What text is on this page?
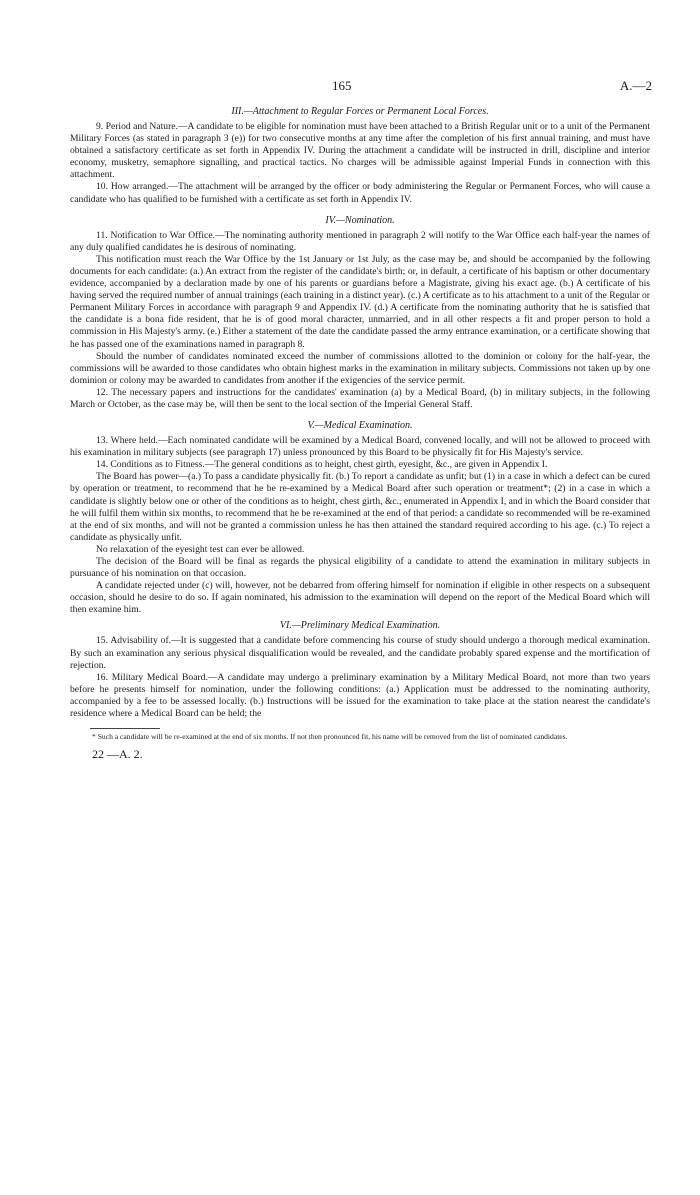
165	A.—2
III.—Attachment to Regular Forces or Permanent Local Forces.

9. Period and Nature.—A candidate to be eligible for nomination must have been attached to a British Regular unit or to a unit of the Permanent Military Forces (as stated in paragraph 3 (e)) for two consecutive months at any time after the completion of his first annual training, and must have obtained a satisfactory certificate as set forth in Appendix IV. During the attachment a candidate will be instructed in drill, discipline and interior economy, musketry, semaphore signalling, and practical tactics. No charges will be admissible against Imperial Funds in connection with this attachment.

10. How arranged.—The attachment will be arranged by the officer or body administering the Regular or Permanent Forces, who will cause a candidate who has qualified to be furnished with a certificate as set forth in Appendix IV.

IV.—Nomination.

11. Notification to War Office.—The nominating authority mentioned in paragraph 2 will notify to the War Office each half-year the names of any duly qualified candidates he is desirous of nominating.

This notification must reach the War Office by the 1st January or 1st July, as the case may be, and should be accompanied by the following documents for each candidate: (a.) An extract from the register of the candidate's birth; or, in default, a certificate of his baptism or other documentary evidence, accompanied by a declaration made by one of his parents or guardians before a Magistrate, giving his exact age. (b.) A certificate of his having served the required number of annual trainings (each training in a distinct year). (c.) A certificate as to his attachment to a unit of the Regular or Permanent Military Forces in accordance with paragraph 9 and Appendix IV. (d.) A certificate from the nominating authority that he is satisfied that the candidate is a bona fide resident, that he is of good moral character, unmarried, and in all other respects a fit and proper person to hold a commission in His Majesty's army. (e.) Either a statement of the date the candidate passed the army entrance examination, or a certificate showing that he has passed one of the examinations named in paragraph 8.

Should the number of candidates nominated exceed the number of commissions allotted to the dominion or colony for the half-year, the commissions will be awarded to those candidates who obtain highest marks in the examination in military subjects. Commissions not taken up by one dominion or colony may be awarded to candidates from another if the exigencies of the service permit.

12. The necessary papers and instructions for the candidates' examination (a) by a Medical Board, (b) in military subjects, in the following March or October, as the case may be, will then be sent to the local section of the Imperial General Staff.

V.—Medical Examination.

13. Where held.—Each nominated candidate will be examined by a Medical Board, convened locally, and will not be allowed to proceed with his examination in military subjects (see paragraph 17) unless pronounced by this Board to be physically fit for His Majesty's service.

14. Conditions as to Fitness.—The general conditions as to height, chest girth, eyesight, &c., are given in Appendix I.

The Board has power—(a.) To pass a candidate physically fit. (b.) To report a candidate as unfit; but (1) in a case in which a defect can be cured by operation or treatment, to recommend that he be re-examined by a Medical Board after such operation or treatment*; (2) in a case in which a candidate is slightly below one or other of the conditions as to height, chest girth, &c., enumerated in Appendix I, and in which the Board consider that he will fulfil them within six months, to recommend that he be re-examined at the end of that period: a candidate so recommended will be re-examined at the end of six months, and will not be granted a commission unless he has then attained the standard required according to his age. (c.) To reject a candidate as physically unfit.

No relaxation of the eyesight test can ever be allowed.

The decision of the Board will be final as regards the physical eligibility of a candidate to attend the examination in military subjects in pursuance of his nomination on that occasion.

A candidate rejected under (c) will, however, not be debarred from offering himself for nomination if eligible in other respects on a subsequent occasion, should he desire to do so. If again nominated, his admission to the examination will depend on the report of the Medical Board which will then examine him.

VI.—Preliminary Medical Examination.

15. Advisability of.—It is suggested that a candidate before commencing his course of study should undergo a thorough medical examination. By such an examination any serious physical disqualification would be revealed, and the candidate probably spared expense and the mortification of rejection.

16. Military Medical Board.—A candidate may undergo a preliminary examination by a Military Medical Board, not more than two years before he presents himself for nomination, under the following conditions: (a.) Application must be addressed to the nominating authority, accompanied by a fee to be assessed locally. (b.) Instructions will be issued for the examination to take place at the station nearest the candidate's residence where a Medical Board can be held; the

* Such a candidate will be re-examined at the end of six months. If not then pronounced fit, his name will be removed from the list of nominated candidates.

22 —A. 2.
